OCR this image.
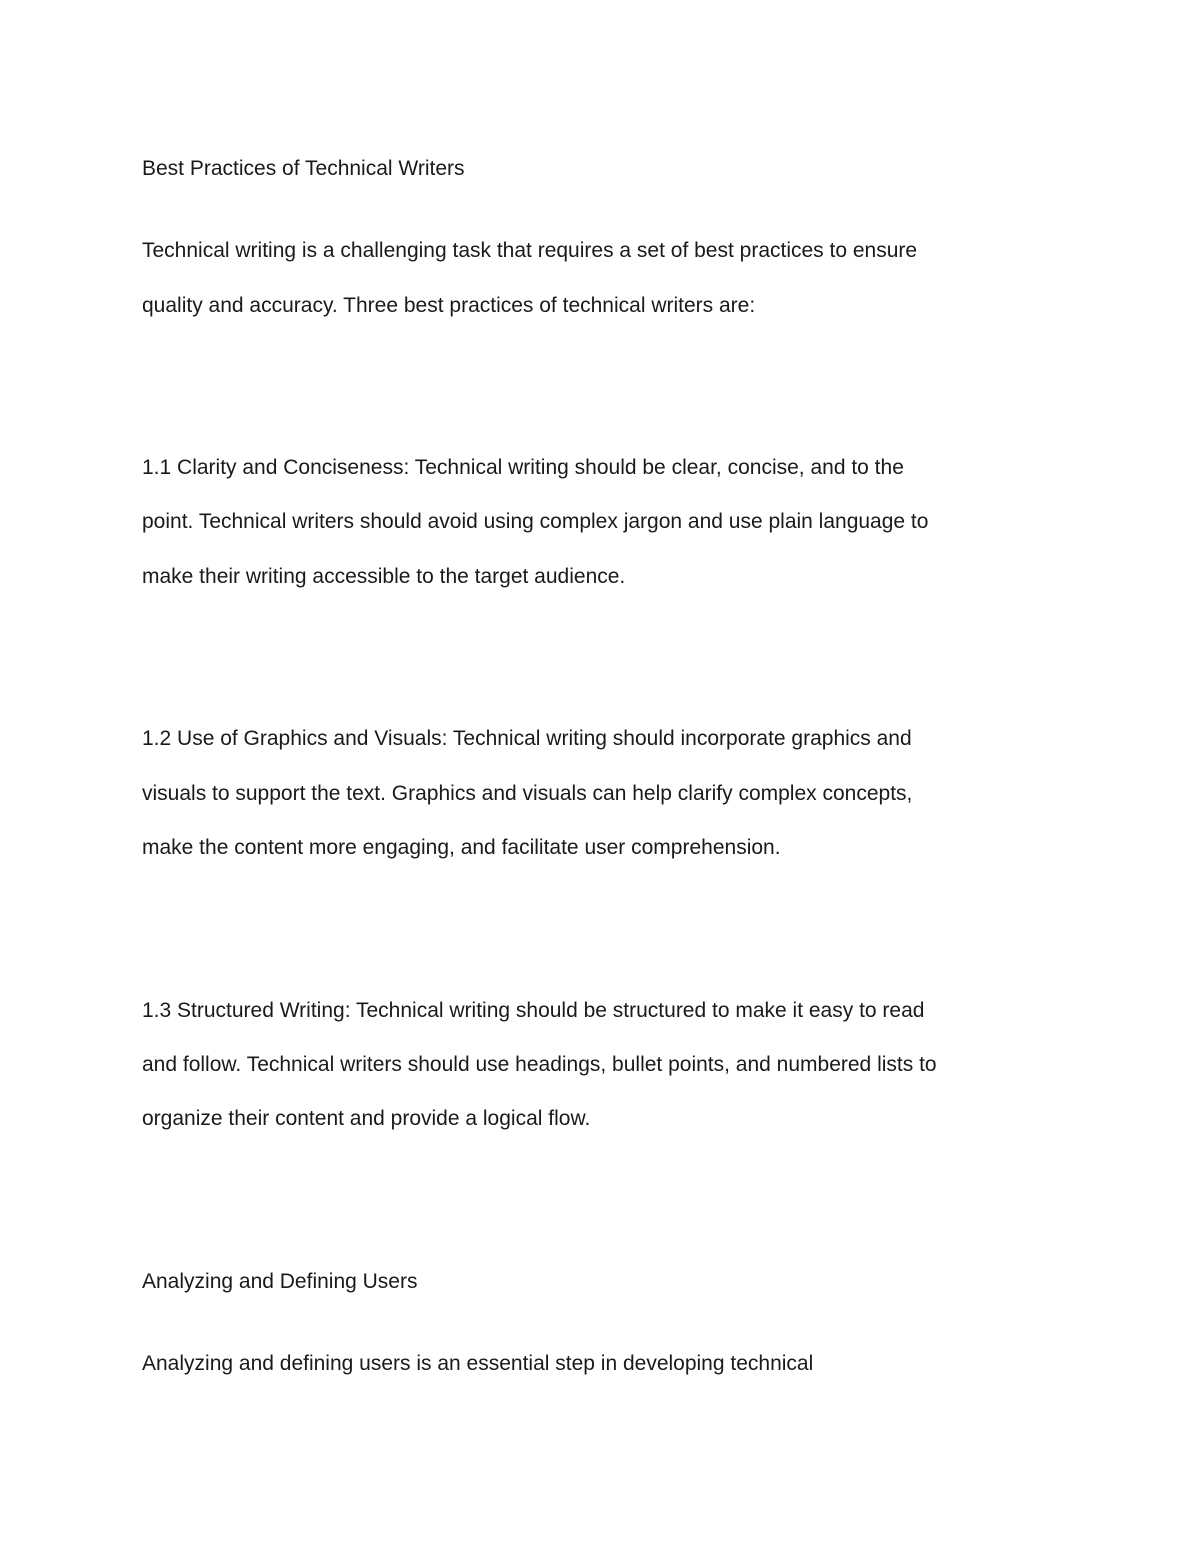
Best Practices of Technical Writers
Technical writing is a challenging task that requires a set of best practices to ensure
quality and accuracy. Three best practices of technical writers are:
1.1 Clarity and Conciseness: Technical writing should be clear, concise, and to the
point. Technical writers should avoid using complex jargon and use plain language to
make their writing accessible to the target audience.
1.2 Use of Graphics and Visuals: Technical writing should incorporate graphics and
visuals to support the text. Graphics and visuals can help clarify complex concepts,
make the content more engaging, and facilitate user comprehension.
1.3 Structured Writing: Technical writing should be structured to make it easy to read
and follow. Technical writers should use headings, bullet points, and numbered lists to
organize their content and provide a logical flow.
Analyzing and Defining Users
Analyzing and defining users is an essential step in developing technical
